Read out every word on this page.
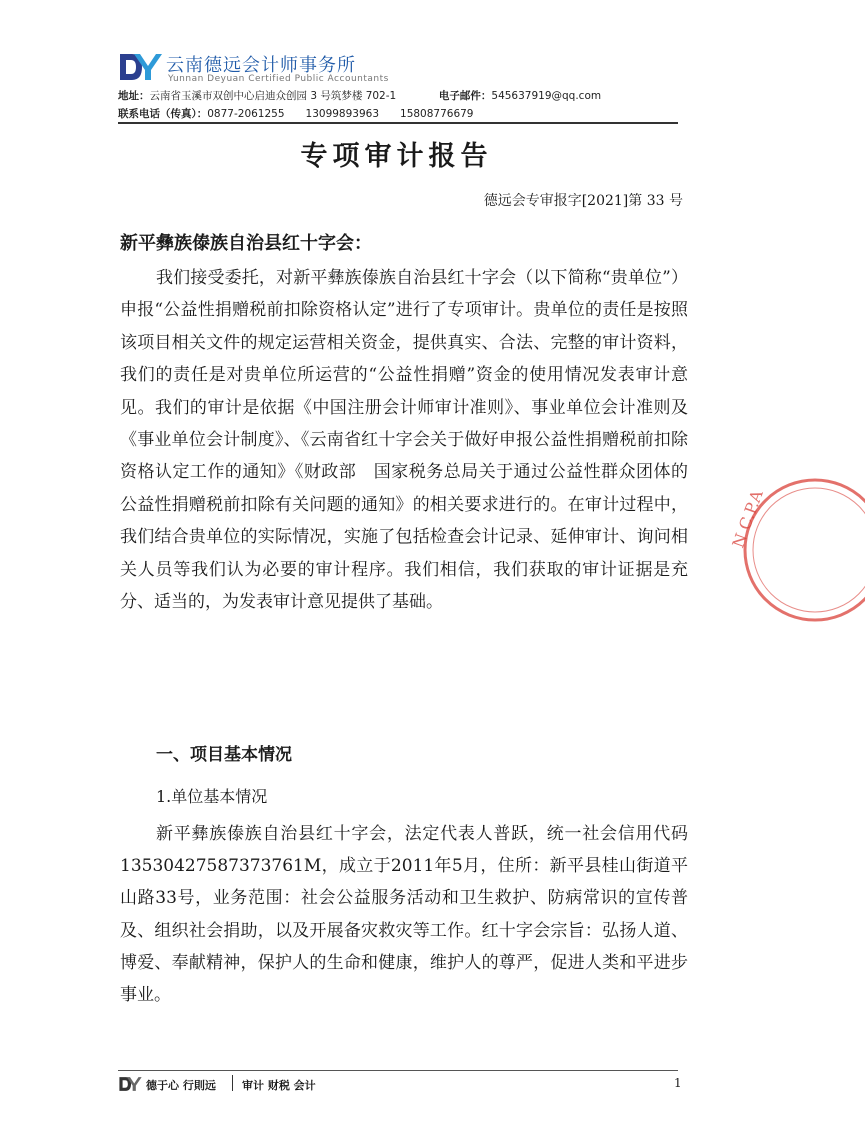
云南德远会计师事务所
Yunnan Deyuan Certified Public Accountants
地址：云南省玉溪市双创中心启迪众创园 3 号筑梦楼 702-1	电子邮件：545637919@qq.com
联系电话（传真）：0877-2061255　　13099893963　　15808776679
专项审计报告
德远会专审报字[2021]第 33 号
新平彝族傣族自治县红十字会：

我们接受委托，对新平彝族傣族自治县红十字会（以下简称“贵单位”）申报“公益性捐赠税前扣除资格认定”进行了专项审计。贵单位的责任是按照该项目相关文件的规定运营相关资金，提供真实、合法、完整的审计资料，我们的责任是对贵单位所运营的“公益性捐赠”资金的使用情况发表审计意见。我们的审计是依据《中国注册会计师审计准则》、事业单位会计准则及《事业单位会计制度》、《云南省红十字会关于做好申报公益性捐赠税前扣除资格认定工作的通知》《财政部　国家税务总局关于通过公益性群众团体的公益性捐赠税前扣除有关问题的通知》的相关要求进行的。在审计过程中，我们结合贵单位的实际情况，实施了包括检查会计记录、延伸审计、询问相关人员等我们认为必要的审计程序。我们相信，我们获取的审计证据是充分、适当的，为发表审计意见提供了基础。

一、项目基本情况
1.单位基本情况

新平彝族傣族自治县红十字会，法定代表人普跃，统一社会信用代码13530427587373761M，成立于2011年5月，住所：新平县桂山街道平山路33号，业务范围：社会公益服务活动和卫生救护、防病常识的宣传普及、组织社会捐助，以及开展备灾救灾等工作。红十字会宗旨：弘扬人道、博爱、奉献精神，保护人的生命和健康，维护人的尊严，促进人类和平进步事业。

N C.P.A
德于心 行則远 审计 财税 会计	1
